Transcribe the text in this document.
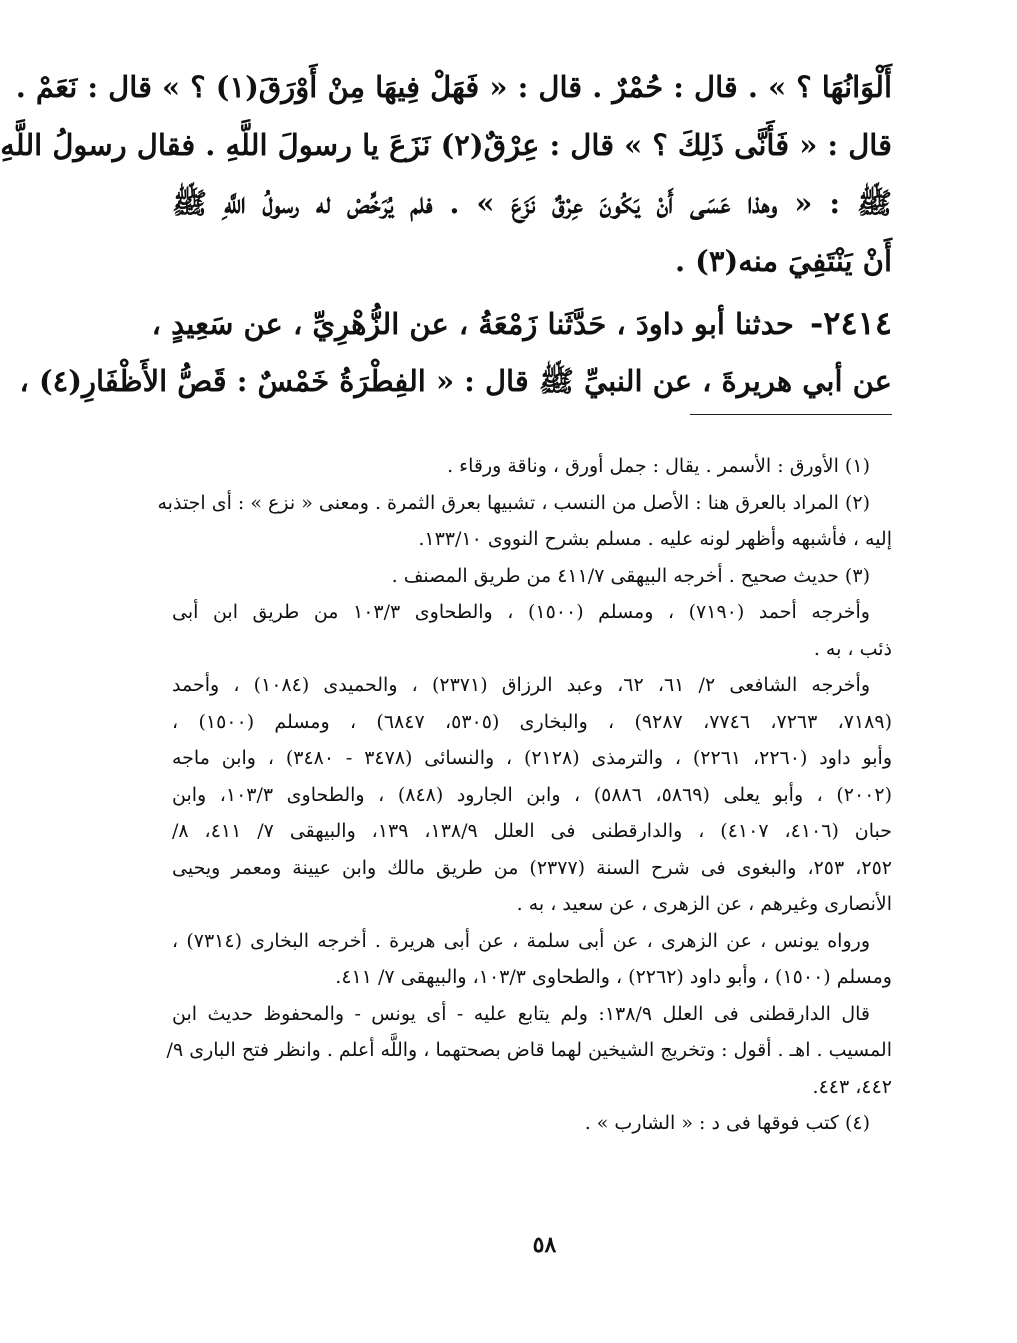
أَلْوَانُهَا ؟ » . قال : حُمْرٌ . قال : « فَهَلْ فِيهَا مِنْ أَوْرَقَ(١) ؟ » قال : نَعَمْ .
قال : « فَأَنَّى ذَلِكَ ؟ » قال : عِرْقٌ(٢) نَزَعَ يا رسولَ اللَّهِ . فقال رسولُ اللَّهِ
ﷺ : « وهذا عَسَى أَنْ يَكُونَ عِرْقٌ نَزَعَ » . فلم يُرَخِّصْ له رسولُ اللَّهِ ﷺ
أَنْ يَنْتَفِيَ منه(٣) .
٢٤١٤- حدثنا أبو داودَ ، حَدَّثَنا زَمْعَةُ ، عن الزُّهْرِيِّ ، عن سَعِيدٍ ،
عن أبي هريرةَ ، عن النبيِّ ﷺ قال : « الفِطْرَةُ خَمْسٌ : قَصُّ الأَظْفَارِ(٤) ،
(١) الأورق : الأسمر . يقال : جمل أورق ، وناقة ورقاء .
(٢) المراد بالعرق هنا : الأصل من النسب ، تشبيها بعرق الثمرة . ومعنى « نزع » : أى اجتذبه
إليه ، فأشبهه وأظهر لونه عليه . مسلم بشرح النووى ١٣٣/١٠.
(٣) حديث صحيح . أخرجه البيهقى ٤١١/٧ من طريق المصنف .
وأخرجه أحمد (٧١٩٠) ، ومسلم (١٥٠٠) ، والطحاوى ١٠٣/٣ من طريق ابن أبى
ذئب ، به .
وأخرجه الشافعى ٢/ ٦١، ٦٢، وعبد الرزاق (٢٣٧١) ، والحميدى (١٠٨٤) ، وأحمد
(٧١٨٩، ٧٢٦٣، ٧٧٤٦، ٩٢٨٧) ، والبخارى (٥٣٠٥، ٦٨٤٧) ، ومسلم (١٥٠٠) ،
وأبو داود (٢٢٦٠، ٢٢٦١) ، والترمذى (٢١٢٨) ، والنسائى (٣٤٧٨ - ٣٤٨٠) ، وابن ماجه
(٢٠٠٢) ، وأبو يعلى (٥٨٦٩، ٥٨٨٦) ، وابن الجارود (٨٤٨) ، والطحاوى ١٠٣/٣، وابن
حبان (٤١٠٦، ٤١٠٧) ، والدارقطنى فى العلل ١٣٨/٩، ١٣٩، والبيهقى ٧/ ٤١١، ٨/
٢٥٢، ٢٥٣، والبغوى فى شرح السنة (٢٣٧٧) من طريق مالك وابن عيينة ومعمر ويحيى
الأنصارى وغيرهم ، عن الزهرى ، عن سعيد ، به .
ورواه يونس ، عن الزهرى ، عن أبى سلمة ، عن أبى هريرة . أخرجه البخارى (٧٣١٤) ،
ومسلم (١٥٠٠) ، وأبو داود (٢٢٦٢) ، والطحاوى ١٠٣/٣، والبيهقى ٧/ ٤١١.
قال الدارقطنى فى العلل ١٣٨/٩: ولم يتابع عليه - أى يونس - والمحفوظ حديث ابن
المسيب . اهـ . أقول : وتخريج الشيخين لهما قاض بصحتهما ، واللَّه أعلم . وانظر فتح البارى ٩/
٤٤٢، ٤٤٣.
(٤) كتب فوقها فى د : « الشارب » .
٥٨
